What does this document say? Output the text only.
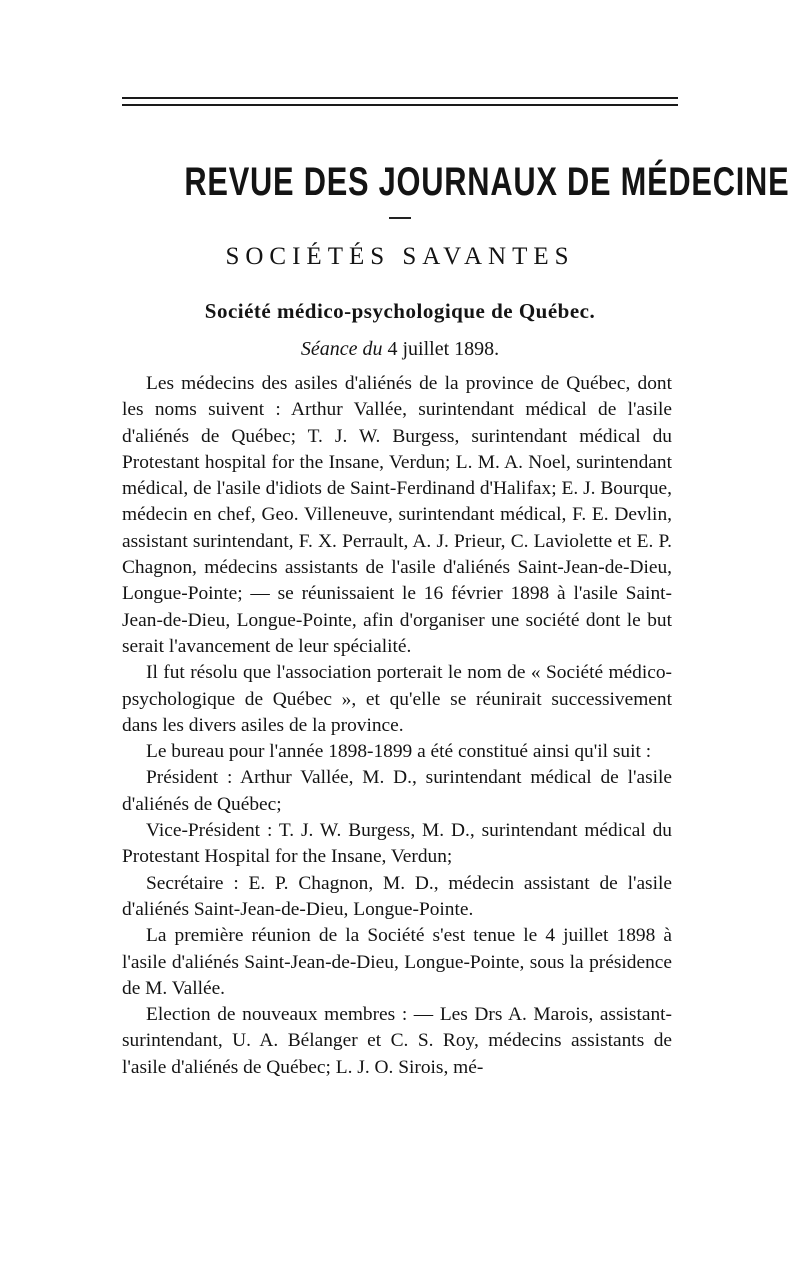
REVUE DES JOURNAUX DE MÉDECINE
SOCIÉTÉS SAVANTES
Société médico-psychologique de Québec.
Séance du 4 juillet 1898.

Les médecins des asiles d'aliénés de la province de Québec, dont les noms suivent : Arthur Vallée, surintendant médical de l'asile d'aliénés de Québec; T. J. W. Burgess, surintendant médical du Protestant hospital for the Insane, Verdun; L. M. A. Noel, surintendant médical, de l'asile d'idiots de Saint-Ferdinand d'Halifax; E. J. Bourque, médecin en chef, Geo. Villeneuve, surintendant médical, F. E. Devlin, assistant surintendant, F. X. Perrault, A. J. Prieur, C. Laviolette et E. P. Chagnon, médecins assistants de l'asile d'aliénés Saint-Jean-de-Dieu, Longue-Pointe; — se réunissaient le 16 février 1898 à l'asile Saint-Jean-de-Dieu, Longue-Pointe, afin d'organiser une société dont le but serait l'avancement de leur spécialité.

Il fut résolu que l'association porterait le nom de « Société médico-psychologique de Québec », et qu'elle se réunirait successivement dans les divers asiles de la province.

Le bureau pour l'année 1898-1899 a été constitué ainsi qu'il suit :

Président : Arthur Vallée, M. D., surintendant médical de l'asile d'aliénés de Québec;

Vice-Président : T. J. W. Burgess, M. D., surintendant médical du Protestant Hospital for the Insane, Verdun;

Secrétaire : E. P. Chagnon, M. D., médecin assistant de l'asile d'aliénés Saint-Jean-de-Dieu, Longue-Pointe.

La première réunion de la Société s'est tenue le 4 juillet 1898 à l'asile d'aliénés Saint-Jean-de-Dieu, Longue-Pointe, sous la présidence de M. Vallée.

Election de nouveaux membres : — Les Drs A. Marois, assistant-surintendant, U. A. Bélanger et C. S. Roy, médecins assistants de l'asile d'aliénés de Québec; L. J. O. Sirois, mé-
